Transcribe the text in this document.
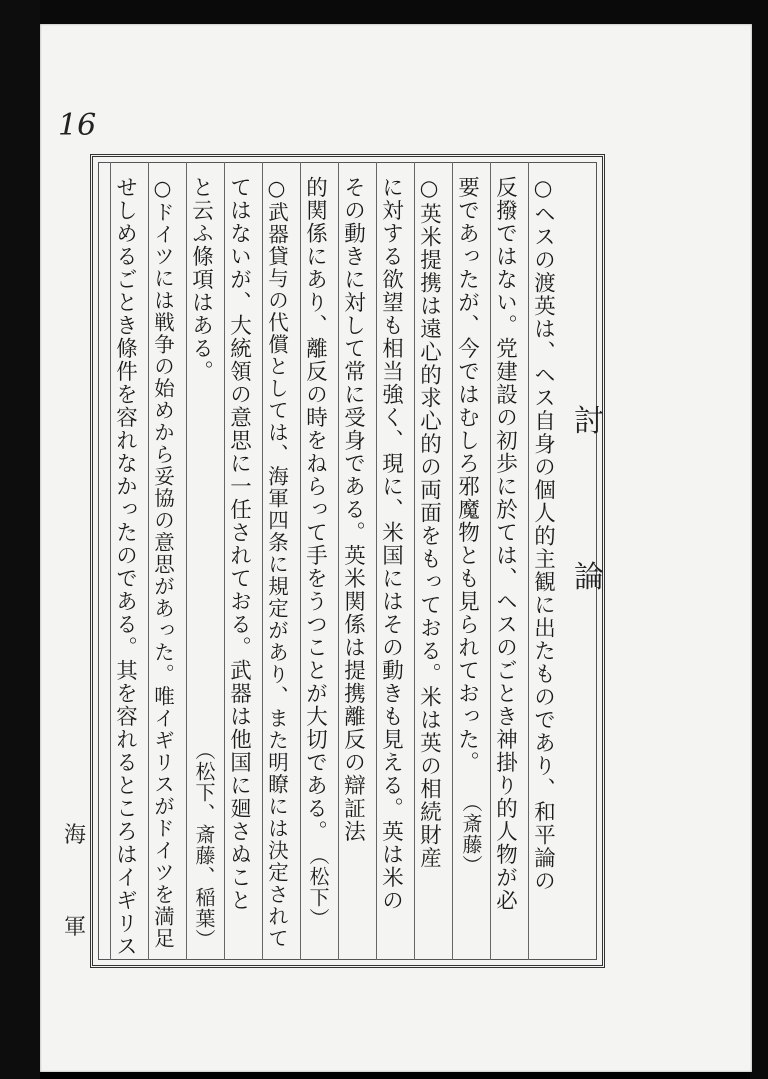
16
○ヘスの渡英は、ヘス自身の個人的主観に出たものであり、和平論の
反撥ではない。党建設の初歩に於ては、ヘスのごとき神掛り的人物が必
要であったが、今ではむしろ邪魔物とも見られておった。
○英米提携は遠心的求心的の両面をもっておる。米は英の相続財産
に対する欲望も相当強く、現に、米国にはその動きも見える。英は米の
その動きに対して常に受身である。英米関係は提携離反の辯証法
的関係にあり、離反の時をねらって手をうつことが大切である。
○武器貸与の代償としては、海軍四条に規定があり、また明瞭には決定されて
てはないが、大統領の意思に一任されておる。武器は他国に廻さぬこと
と云ふ條項はある。
○ドイツには戦争の始めから妥協の意思があった。唯イギリスがドイツを満足
せしめるごとき條件を容れなかったのである。其を容れるところはイギリス	（斎藤）
（松下）
（松下、斎藤、稲葉）
討
論
海
軍
